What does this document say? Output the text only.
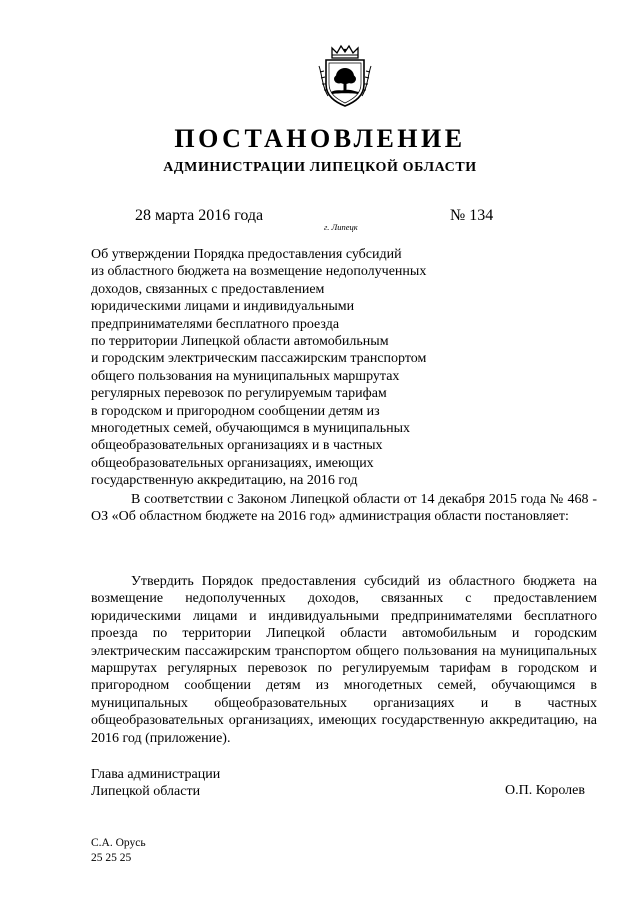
ПОСТАНОВЛЕНИЕ
АДМИНИСТРАЦИИ ЛИПЕЦКОЙ ОБЛАСТИ
28 марта 2016 года
г. Липецк
№ 134
Об утверждении Порядка предоставления субсидий
из областного бюджета на возмещение недополученных
доходов, связанных с предоставлением
юридическими лицами и индивидуальными
предпринимателями бесплатного проезда
по территории Липецкой области автомобильным
и городским электрическим пассажирским транспортом
общего пользования на муниципальных маршрутах
регулярных перевозок по регулируемым тарифам
в городском и пригородном сообщении детям из
многодетных семей, обучающимся в муниципальных
общеобразовательных организациях и в частных
общеобразовательных организациях, имеющих
государственную аккредитацию, на 2016 год

В соответствии с Законом Липецкой области от 14 декабря 2015 года № 468 - ОЗ «Об областном бюджете на 2016 год» администрация области постановляет:

Утвердить Порядок предоставления субсидий из областного бюджета на возмещение недополученных доходов, связанных с предоставлением юридическими лицами и индивидуальными предпринимателями бесплатного проезда по территории Липецкой области автомобильным и городским электрическим пассажирским транспортом общего пользования на муниципальных маршрутах регулярных перевозок по регулируемым тарифам в городском и пригородном сообщении детям из многодетных семей, обучающимся в муниципальных общеобразовательных организациях и в частных общеобразовательных организациях, имеющих государственную аккредитацию, на 2016 год (приложение).

Глава администрации
Липецкой области	О.П. Королев
С.А. Орусь
25 25 25
